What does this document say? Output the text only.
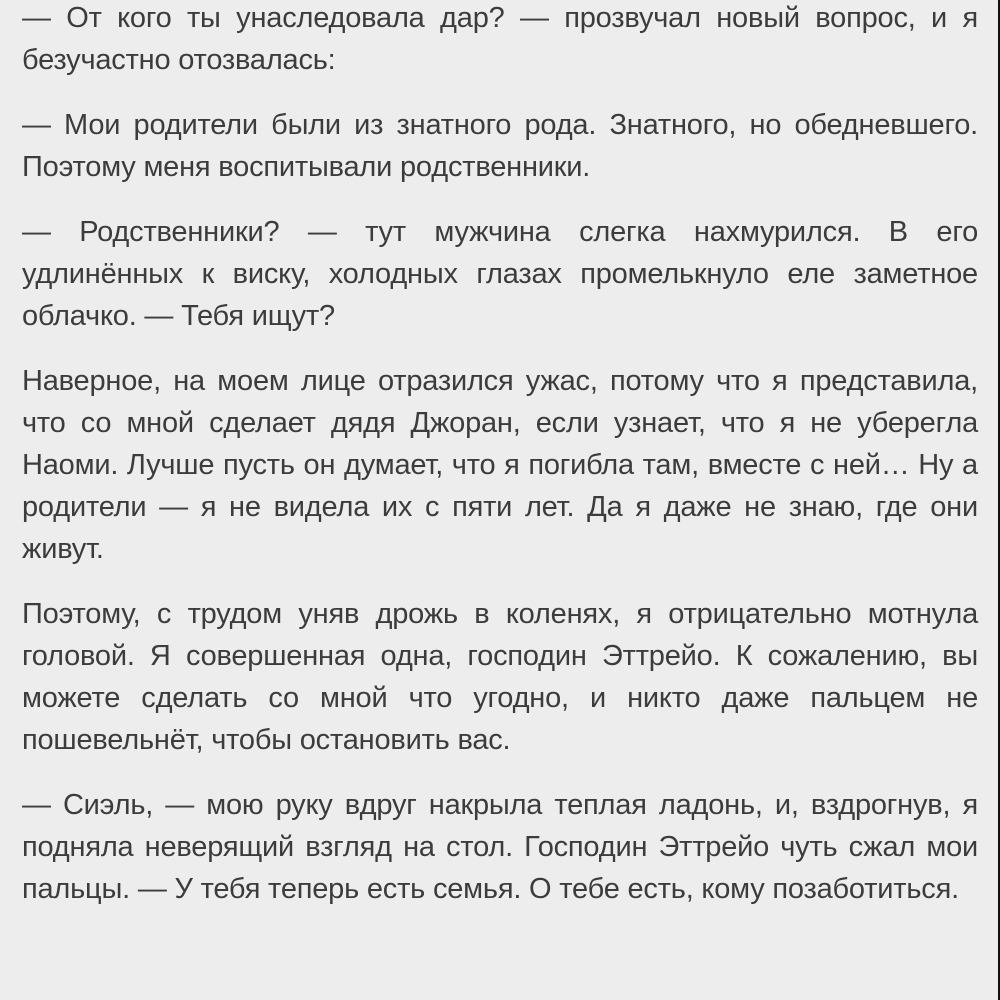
— От кого ты унаследовала дар? — прозвучал новый вопрос, и я безучастно отозвалась:

— Мои родители были из знатного рода. Знатного, но обедневшего. Поэтому меня воспитывали родственники.

— Родственники? — тут мужчина слегка нахмурился. В его удлинённых к виску, холодных глазах промелькнуло еле заметное облачко. — Тебя ищут?

Наверное, на моем лице отразился ужас, потому что я представила, что со мной сделает дядя Джоран, если узнает, что я не уберегла Наоми. Лучше пусть он думает, что я погибла там, вместе с ней… Ну а родители — я не видела их с пяти лет. Да я даже не знаю, где они живут.

Поэтому, с трудом уняв дрожь в коленях, я отрицательно мотнула головой. Я совершенная одна, господин Эттрейо. К сожалению, вы можете сделать со мной что угодно, и никто даже пальцем не пошевельнёт, чтобы остановить вас.

— Сиэль, — мою руку вдруг накрыла теплая ладонь, и, вздрогнув, я подняла неверящий взгляд на стол. Господин Эттрейо чуть сжал мои пальцы. — У тебя теперь есть семья. О тебе есть, кому позаботиться.
